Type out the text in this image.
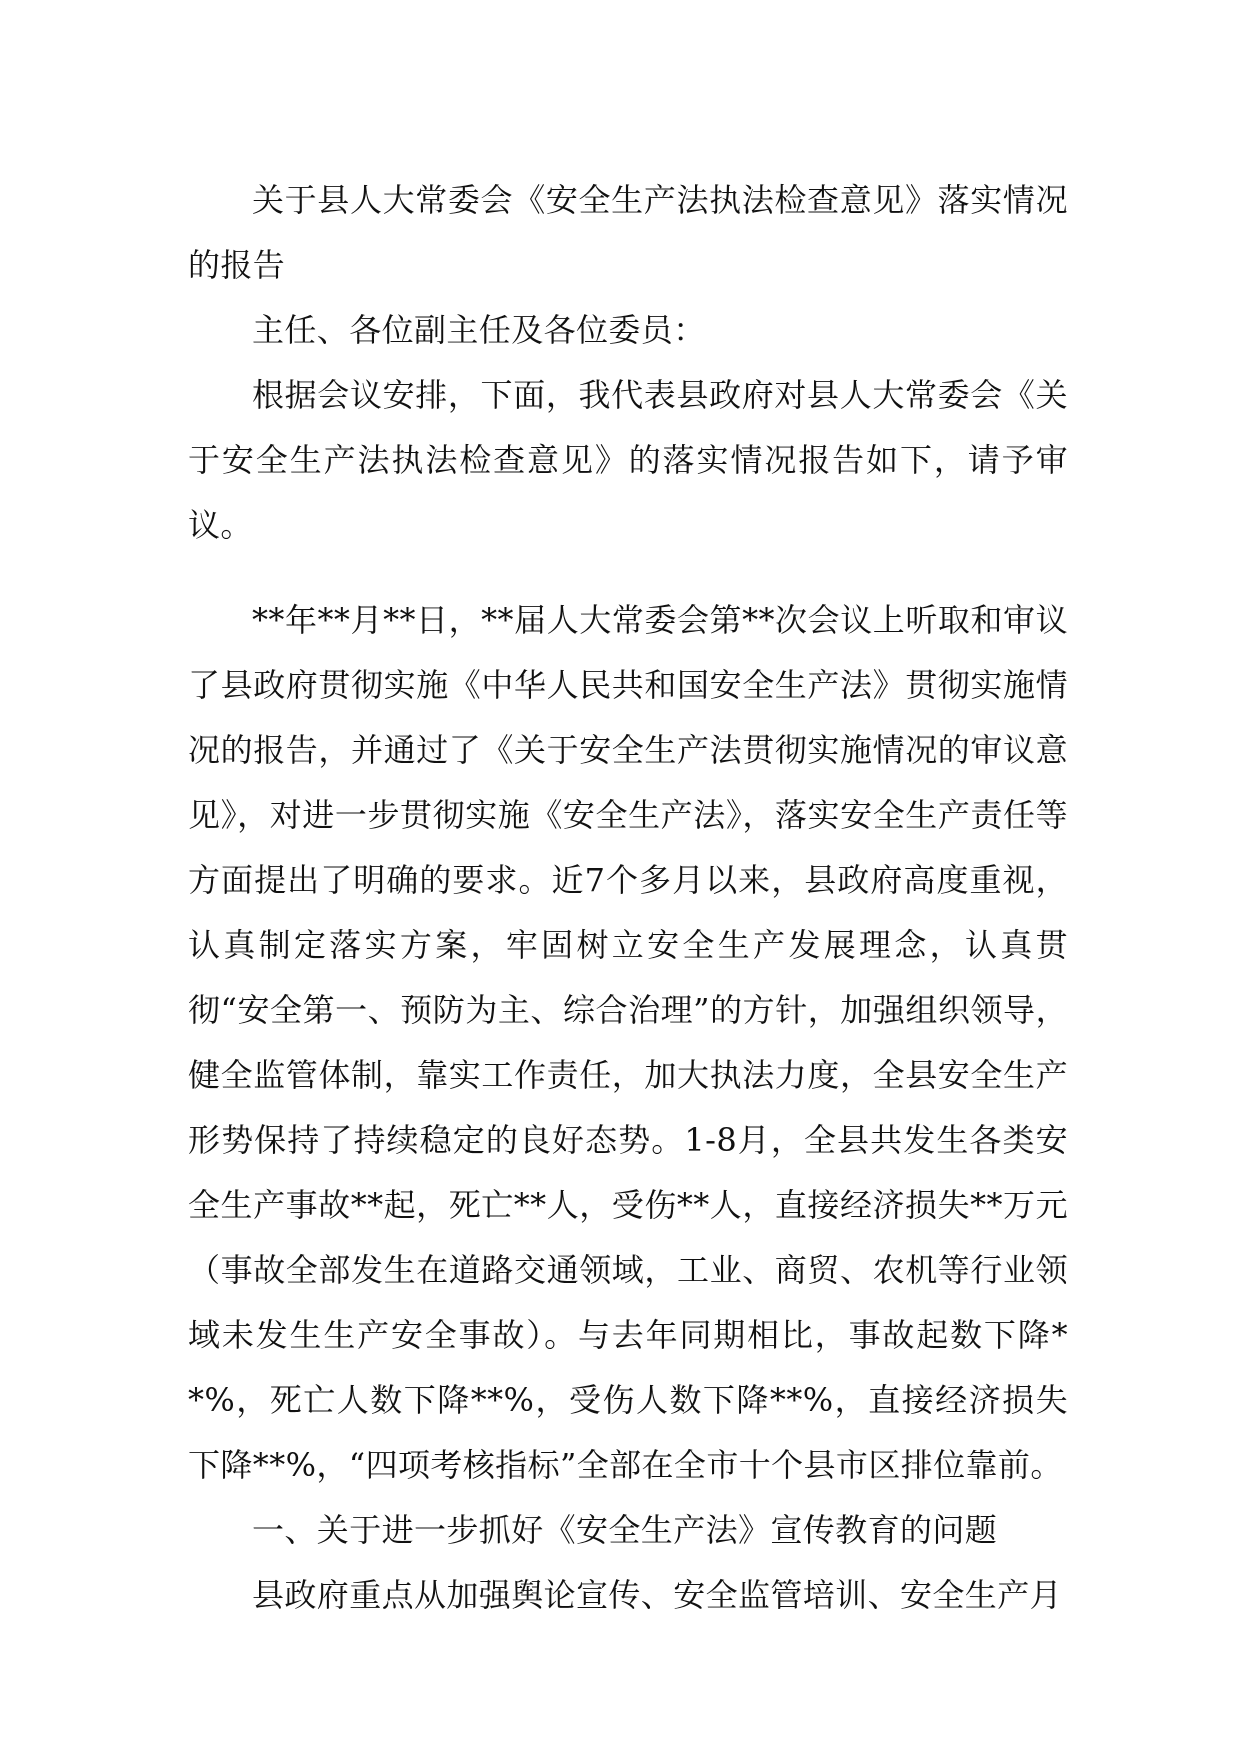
关于县人大常委会《安全生产法执法检查意见》落实情况的报告

主任、各位副主任及各位委员：

根据会议安排，下面，我代表县政府对县人大常委会《关于安全生产法执法检查意见》的落实情况报告如下，请予审议。

**年**月**日，**届人大常委会第**次会议上听取和审议了县政府贯彻实施《中华人民共和国安全生产法》贯彻实施情况的报告，并通过了《关于安全生产法贯彻实施情况的审议意见》，对进一步贯彻实施《安全生产法》，落实安全生产责任等方面提出了明确的要求。近7个多月以来，县政府高度重视，认真制定落实方案，牢固树立安全生产发展理念，认真贯彻“安全第一、预防为主、综合治理”的方针，加强组织领导，健全监管体制，靠实工作责任，加大执法力度，全县安全生产形势保持了持续稳定的良好态势。1-8月，全县共发生各类安全生产事故**起，死亡**人，受伤**人，直接经济损失**万元（事故全部发生在道路交通领域，工业、商贸、农机等行业领域未发生生产安全事故）。与去年同期相比，事故起数下降**%，死亡人数下降**%，受伤人数下降**%，直接经济损失下降**%，“四项考核指标”全部在全市十个县市区排位靠前。

一、关于进一步抓好《安全生产法》宣传教育的问题

县政府重点从加强舆论宣传、安全监管培训、安全生产月
